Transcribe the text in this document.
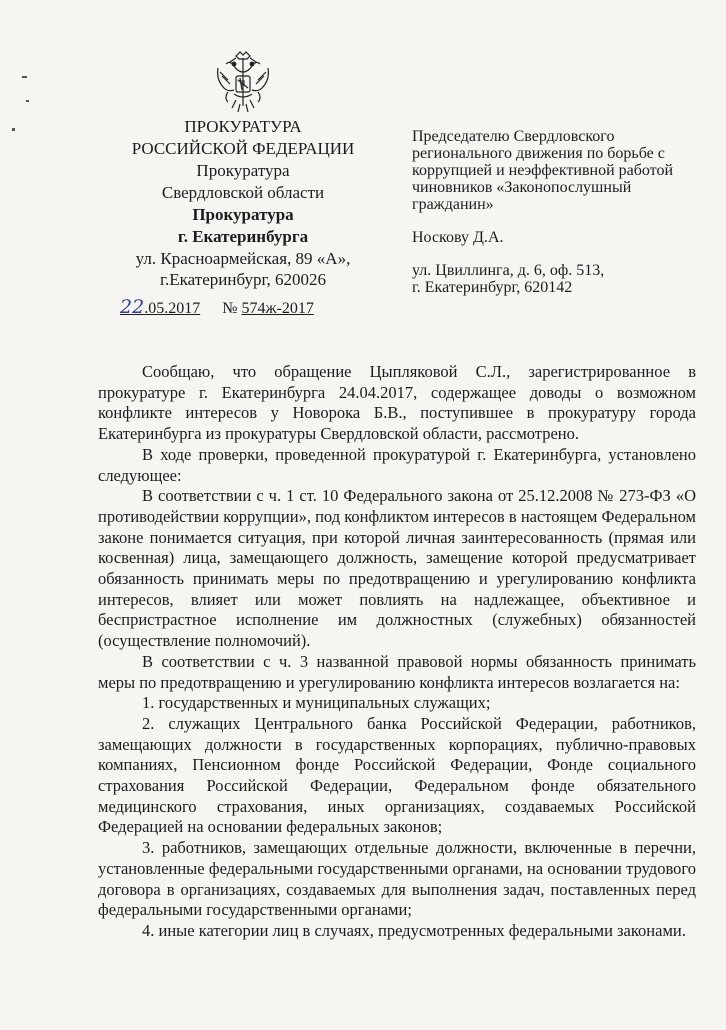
ПРОКУРАТУРА
РОССИЙСКОЙ ФЕДЕРАЦИИ
Прокуратура
Свердловской области
Прокуратура
г. Екатеринбурга
ул. Красноармейская, 89 «А»,
г.Екатеринбург, 620026
22.05.2017 № 574ж-2017
Председателю Свердловского
регионального движения по борьбе с
коррупцией и неэффективной работой
чиновников «Законопослушный
гражданин»
Носкову Д.А.
ул. Цвиллинга, д. 6, оф. 513,
г. Екатеринбург, 620142

Сообщаю, что обращение Цыпляковой С.Л., зарегистрированное в прокуратуре г. Екатеринбурга 24.04.2017, содержащее доводы о возможном конфликте интересов у Новорока Б.В., поступившее в прокуратуру города Екатеринбурга из прокуратуры Свердловской области, рассмотрено.

В ходе проверки, проведенной прокуратурой г. Екатеринбурга, установлено следующее:

В соответствии с ч. 1 ст. 10 Федерального закона от 25.12.2008 № 273-ФЗ «О противодействии коррупции», под конфликтом интересов в настоящем Федеральном законе понимается ситуация, при которой личная заинтересованность (прямая или косвенная) лица, замещающего должность, замещение которой предусматривает обязанность принимать меры по предотвращению и урегулированию конфликта интересов, влияет или может повлиять на надлежащее, объективное и беспристрастное исполнение им должностных (служебных) обязанностей (осуществление полномочий).

В соответствии с ч. 3 названной правовой нормы обязанность принимать меры по предотвращению и урегулированию конфликта интересов возлагается на:

1. государственных и муниципальных служащих;

2. служащих Центрального банка Российской Федерации, работников, замещающих должности в государственных корпорациях, публично-правовых компаниях, Пенсионном фонде Российской Федерации, Фонде социального страхования Российской Федерации, Федеральном фонде обязательного медицинского страхования, иных организациях, создаваемых Российской Федерацией на основании федеральных законов;

3. работников, замещающих отдельные должности, включенные в перечни, установленные федеральными государственными органами, на основании трудового договора в организациях, создаваемых для выполнения задач, поставленных перед федеральными государственными органами;

4. иные категории лиц в случаях, предусмотренных федеральными законами.
